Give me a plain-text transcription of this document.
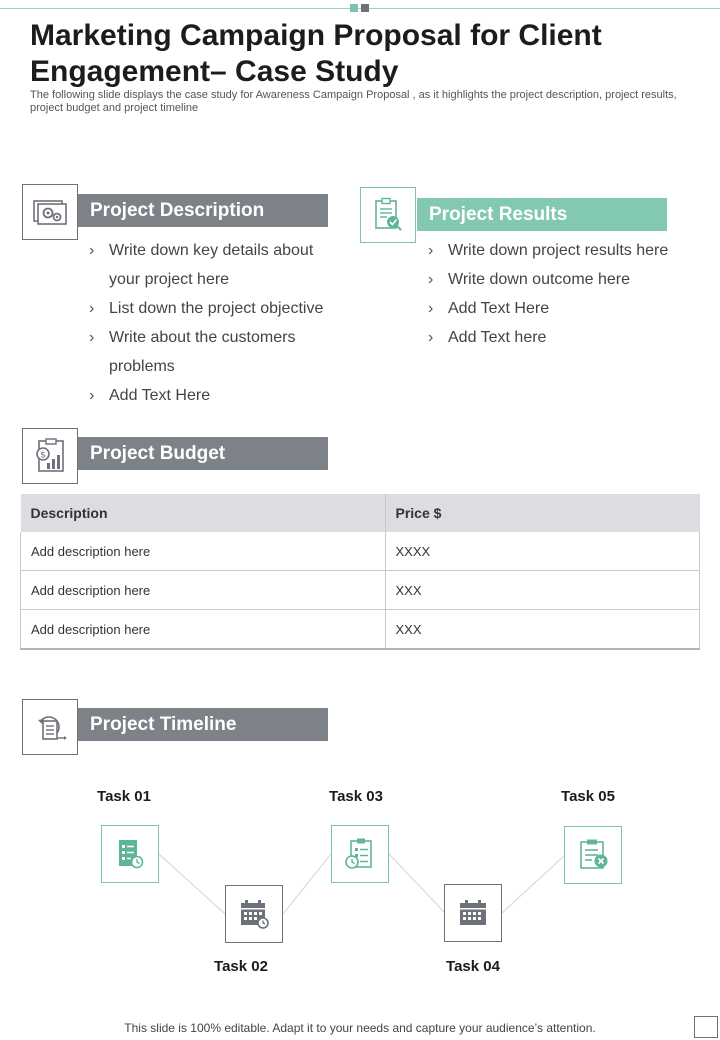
Marketing Campaign Proposal for Client Engagement– Case Study

The following slide displays the case study for Awareness Campaign Proposal , as it highlights the project description, project results, project budget and project timeline

Project Description
› Write down key details about your project here
› List down the project objective
› Write about the customers problems
› Add Text Here
Project Results
› Write down project results here
› Write down outcome here
› Add Text Here
› Add Text here
$	Project Budget
Description	Price $
Add description here	XXXX
Add description here	XXX
Add description here	XXX
Project Timeline
Task 01
Task 02
Task 03
Task 04
Task 05
This slide is 100% editable. Adapt it to your needs and capture your audience’s attention.
